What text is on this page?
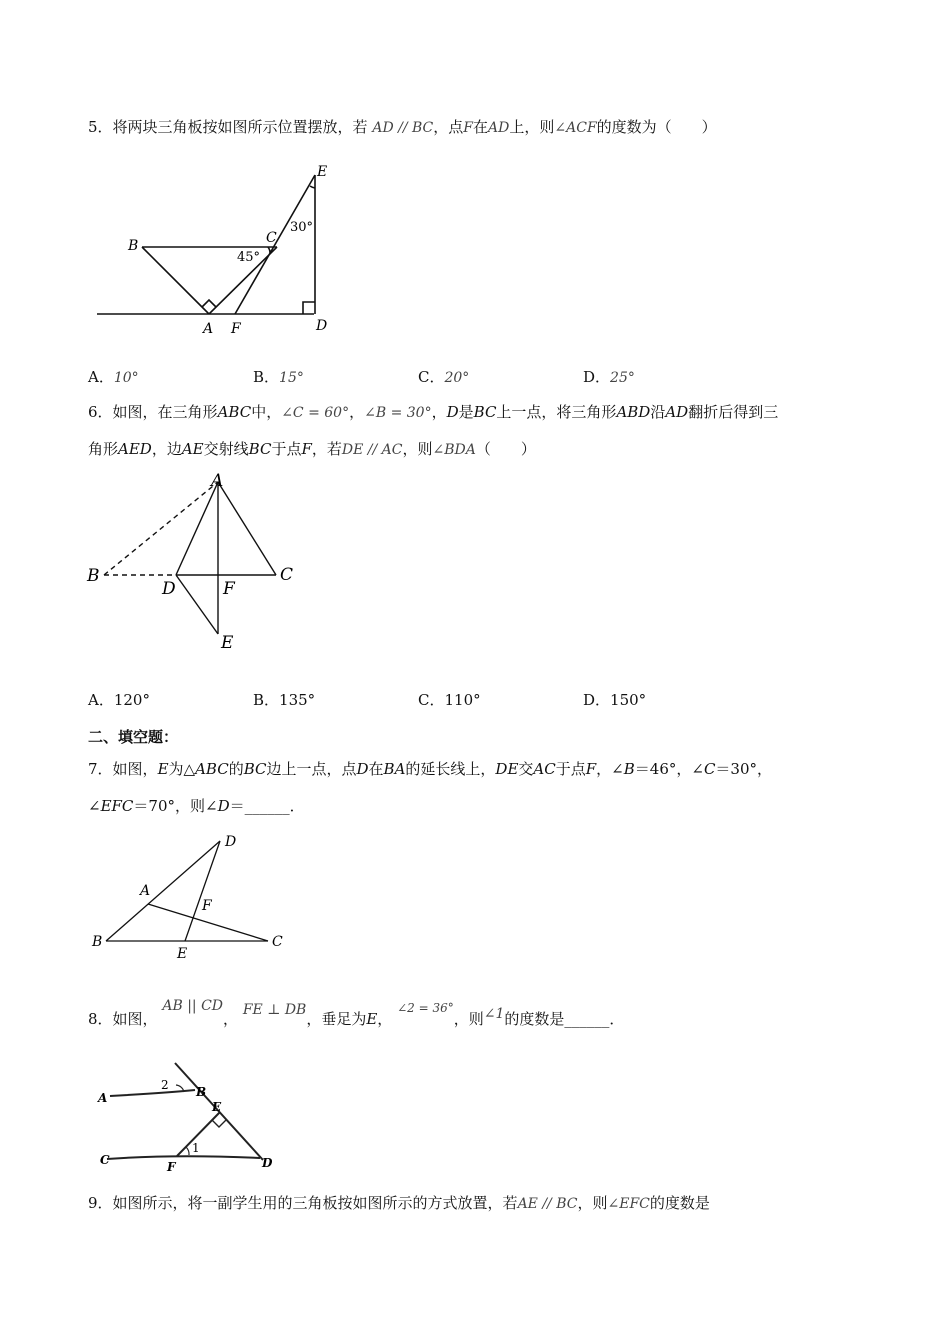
5．将两块三角板按如图所示位置摆放，若 AD // BC，点F在AD上，则∠ACF的度数为（　　）
B	C
E
A F	D
45°
30°
A．10°	B．15°	C．20°	D．25°
6．如图，在三角形ABC中，∠C = 60°，∠B = 30°，D是BC上一点，将三角形ABD沿AD翻折后得到三
角形AED，边AE交射线BC于点F，若DE // AC，则∠BDA（　　）
A
B	C
D	F
E
A．120°	B．135°	C．110°	D．150°
二、填空题：
7．如图，E为△ABC的BC边上一点，点D在BA的延长线上，DE交AC于点F，∠B＝46°，∠C＝30°，
∠EFC＝70°，则∠D＝______．
D
A
F
B	C
E
8．如图， AB || CD， FE ⊥ DB，垂足为E， $^{\angle 2 = 36^\circ}$，则∠1的度数是______．
A	B
E
C	F	D
2
1
9．如图所示，将一副学生用的三角板按如图所示的方式放置，若AE // BC，则∠EFC的度数是
